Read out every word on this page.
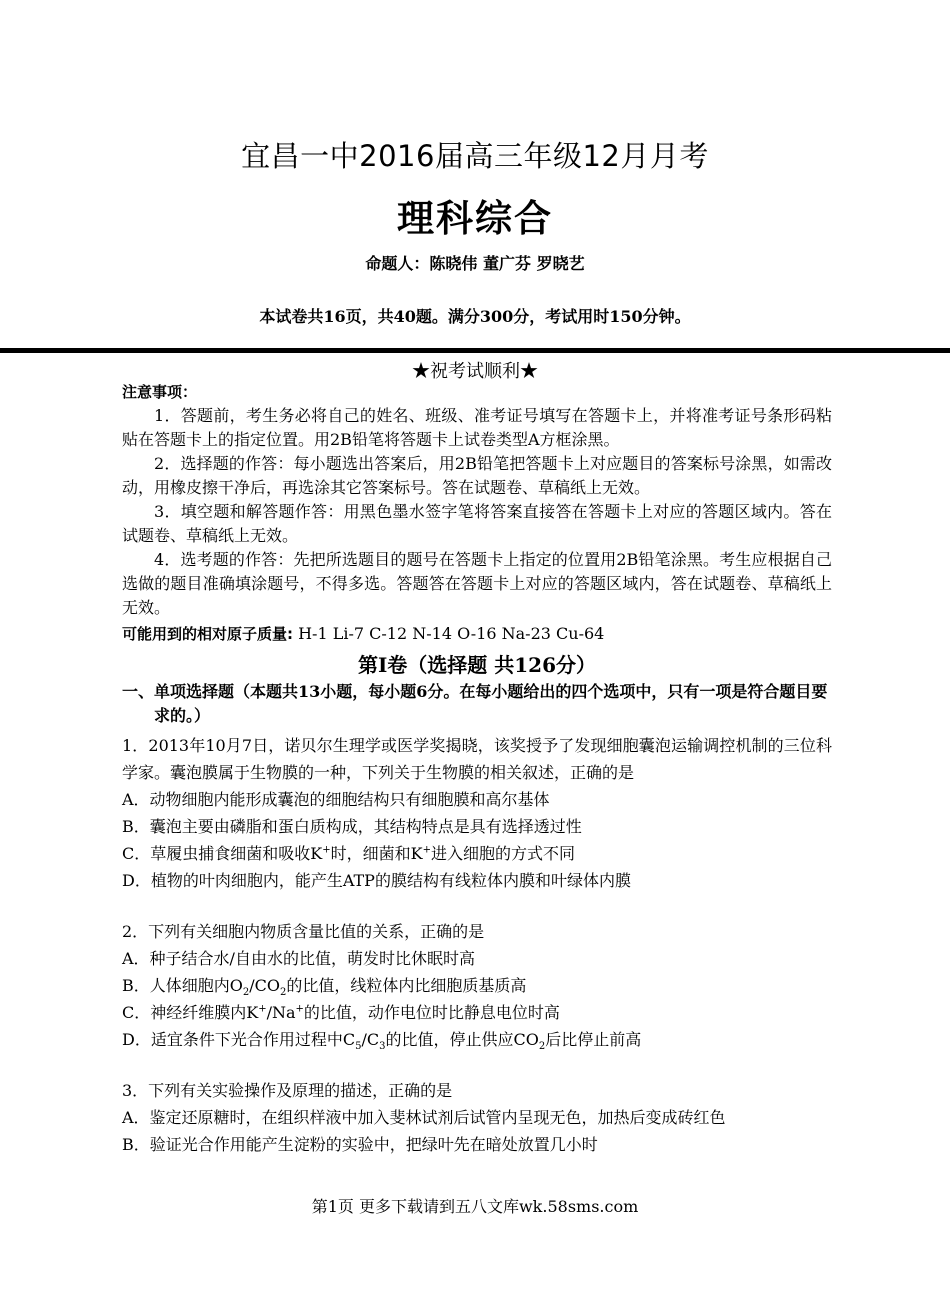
宜昌一中2016届高三年级12月月考
理科综合
命题人：陈晓伟 董广芬 罗晓艺
本试卷共16页，共40题。满分300分，考试用时150分钟。
★祝考试顺利★
注意事项：
1．答题前，考生务必将自己的姓名、班级、准考证号填写在答题卡上，并将准考证号条形码粘贴在答题卡上的指定位置。用2B铅笔将答题卡上试卷类型A方框涂黑。
2．选择题的作答：每小题选出答案后，用2B铅笔把答题卡上对应题目的答案标号涂黑，如需改动，用橡皮擦干净后，再选涂其它答案标号。答在试题卷、草稿纸上无效。
3．填空题和解答题作答：用黑色墨水签字笔将答案直接答在答题卡上对应的答题区域内。答在试题卷、草稿纸上无效。
4．选考题的作答：先把所选题目的题号在答题卡上指定的位置用2B铅笔涂黑。考生应根据自己选做的题目准确填涂题号，不得多选。答题答在答题卡上对应的答题区域内，答在试题卷、草稿纸上无效。
可能用到的相对原子质量: H-1 Li-7 C-12 N-14 O-16 Na-23 Cu-64
第I卷（选择题 共126分）
一、单项选择题（本题共13小题，每小题6分。在每小题给出的四个选项中，只有一项是符合题目要求的。）

1．2013年10月7日，诺贝尔生理学或医学奖揭晓，该奖授予了发现细胞囊泡运输调控机制的三位科学家。囊泡膜属于生物膜的一种，下列关于生物膜的相关叙述，正确的是

A．动物细胞内能形成囊泡的细胞结构只有细胞膜和高尔基体

B．囊泡主要由磷脂和蛋白质构成，其结构特点是具有选择透过性

C．草履虫捕食细菌和吸收K+时，细菌和K+进入细胞的方式不同

D．植物的叶肉细胞内，能产生ATP的膜结构有线粒体内膜和叶绿体内膜

2．下列有关细胞内物质含量比值的关系，正确的是

A．种子结合水/自由水的比值，萌发时比休眠时高

B．人体细胞内$O_2/CO_2$的比值，线粒体内比细胞质基质高

C．神经纤维膜内K+/Na+的比值，动作电位时比静息电位时高

D．适宜条件下光合作用过程中$C_5/C_3$的比值，停止供应$CO_2$后比停止前高

3．下列有关实验操作及原理的描述，正确的是

A．鉴定还原糖时，在组织样液中加入斐林试剂后试管内呈现无色，加热后变成砖红色

B．验证光合作用能产生淀粉的实验中，把绿叶先在暗处放置几小时

第1页 更多下载请到五八文库wk.58sms.com
